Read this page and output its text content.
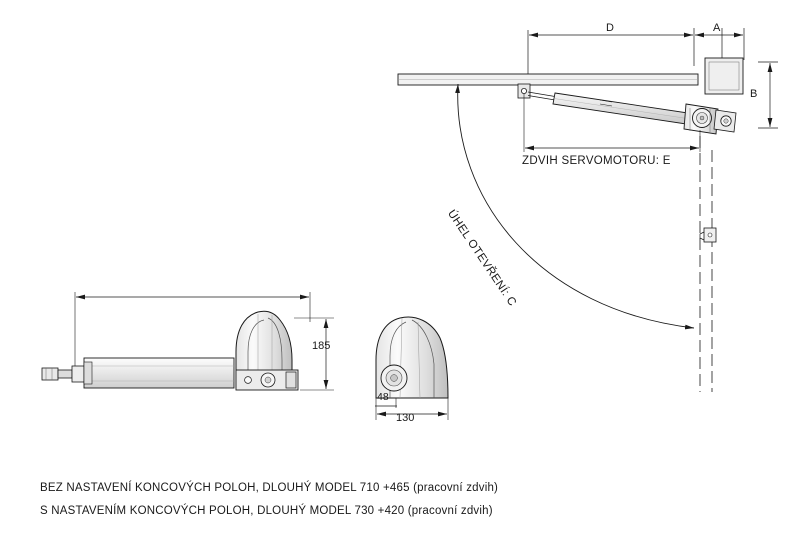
D	A
B
ZDVIH SERVOMOTORU: E
ÚHEL OTEVŘENÍ: C
185
48
130
BEZ NASTAVENÍ KONCOVÝCH POLOH, DLOUHÝ MODEL 710 +465 (pracovní zdvih)
S NASTAVENÍM KONCOVÝCH POLOH, DLOUHÝ MODEL 730 +420 (pracovní zdvih)
